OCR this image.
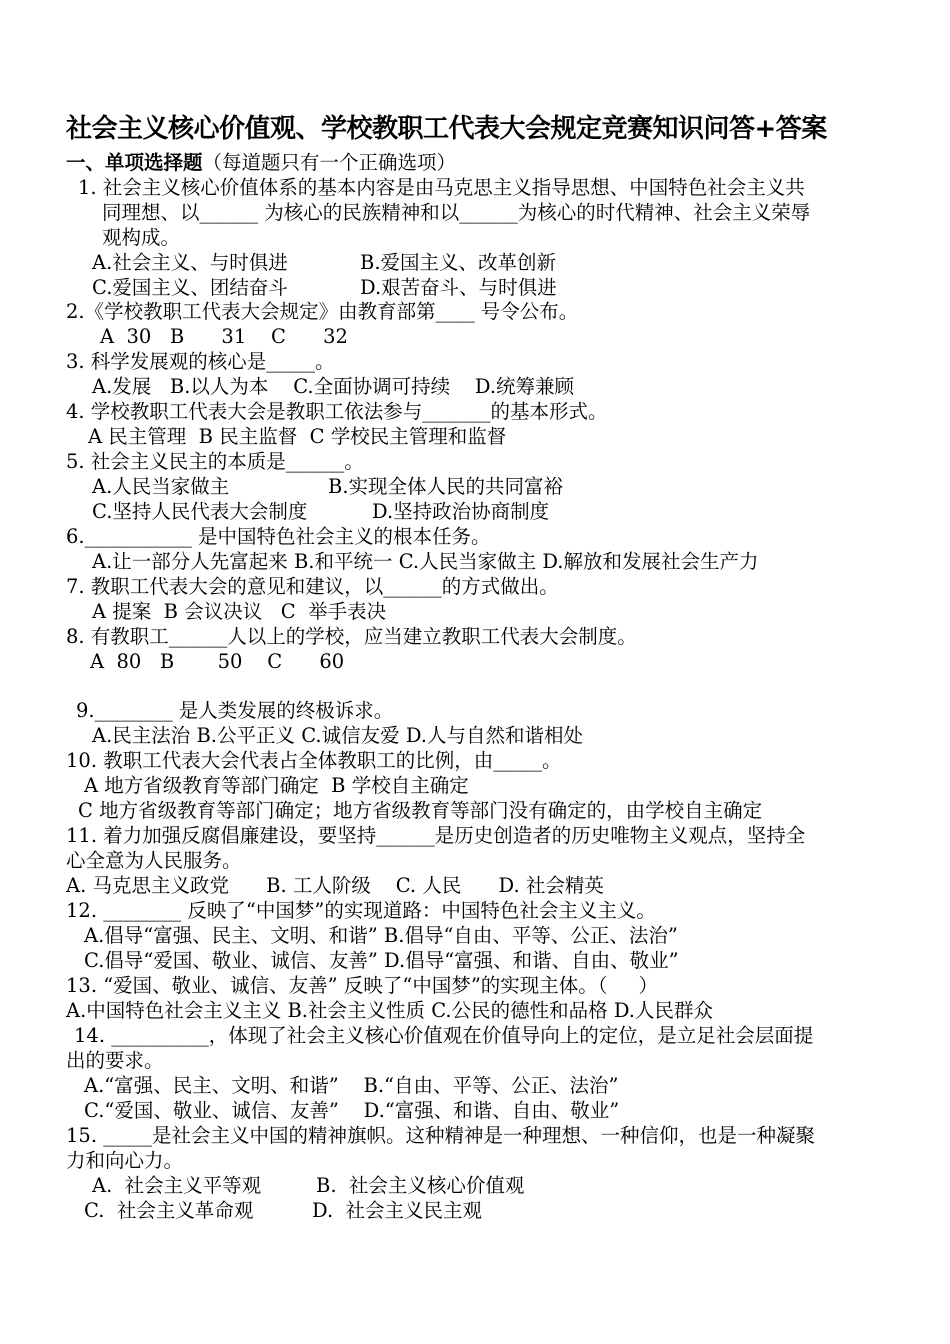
社会主义核心价值观、学校教职工代表大会规定竞赛知识问答+答案
一、单项选择题（每道题只有一个正确选项）
1. 社会主义核心价值体系的基本内容是由马克思主义指导思想、中国特色社会主义共
同理想、以______ 为核心的民族精神和以______为核心的时代精神、社会主义荣辱
观构成。
A.社会主义、与时俱进	B.爱国主义、改革创新
C.爱国主义、团结奋斗	D.艰苦奋斗、与时俱进
2.《学校教职工代表大会规定》由教育部第____ 号令公布。
A  30   B      31    C      32
3. 科学发展观的核心是_____。
A.发展   B.以人为本    C.全面协调可持续    D.统筹兼顾
4. 学校教职工代表大会是教职工依法参与_______的基本形式。
A 民主管理  B 民主监督  C 学校民主管理和监督
5. 社会主义民主的本质是______。
A.人民当家做主	B.实现全体人民的共同富裕
C.坚持人民代表大会制度	D.坚持政治协商制度
6.___________ 是中国特色社会主义的根本任务。
A.让一部分人先富起来 B.和平统一 C.人民当家做主 D.解放和发展社会生产力
7. 教职工代表大会的意见和建议，以______的方式做出。
A 提案  B 会议决议   C  举手表决
8. 有教职工______人以上的学校，应当建立教职工代表大会制度。
A  80   B       50    C      60
9.________ 是人类发展的终极诉求。
A.民主法治 B.公平正义 C.诚信友爱 D.人与自然和谐相处
10. 教职工代表大会代表占全体教职工的比例，由_____。
A 地方省级教育等部门确定  B 学校自主确定
C 地方省级教育等部门确定；地方省级教育等部门没有确定的，由学校自主确定
11. 着力加强反腐倡廉建设，要坚持______是历史创造者的历史唯物主义观点，坚持全
心全意为人民服务。
A. 马克思主义政党      B. 工人阶级    C. 人民      D. 社会精英
12. ________ 反映了“中国梦”的实现道路：中国特色社会主义主义。
A.倡导“富强、民主、文明、和谐” B.倡导“自由、平等、公正、法治”
C.倡导“爱国、敬业、诚信、友善” D.倡导“富强、和谐、自由、敬业”
13. “爱国、敬业、诚信、友善” 反映了“中国梦”的实现主体。（     ）
A.中国特色社会主义主义 B.社会主义性质 C.公民的德性和品格 D.人民群众
14. __________，体现了社会主义核心价值观在价值导向上的定位，是立足社会层面提
出的要求。
A.“富强、民主、文明、和谐”    B.“自由、平等、公正、法治”
C.“爱国、敬业、诚信、友善”    D.“富强、和谐、自由、敬业”
15. _____是社会主义中国的精神旗帜。这种精神是一种理想、一种信仰，也是一种凝聚
力和向心力。
A.  社会主义平等观	B.  社会主义核心价值观
C.  社会主义革命观	D.  社会主义民主观
